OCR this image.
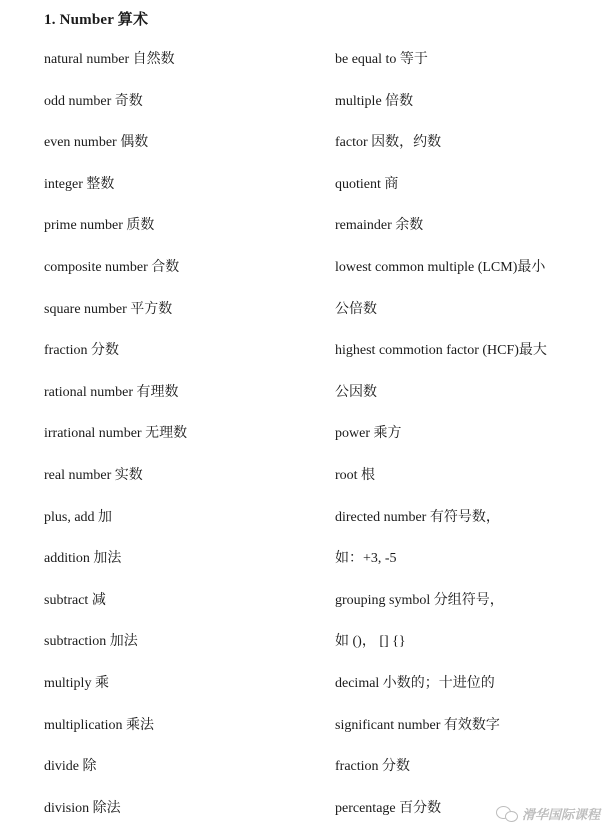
1. Number 算术
natural number 自然数
odd number 奇数
even number 偶数
integer 整数
prime number 质数
composite number 合数
square number 平方数
fraction 分数
rational number 有理数
irrational number 无理数
real number 实数
plus, add 加
addition 加法
subtract 减
subtraction 加法
multiply 乘
multiplication 乘法
divide 除
division 除法
be equal to 等于
multiple 倍数
factor 因数，约数
quotient 商
remainder 余数
lowest common multiple (LCM)最小
公倍数
highest commotion factor (HCF)最大
公因数
power 乘方
root 根
directed number 有符号数，
如：+3, -5
grouping symbol 分组符号，
如 ()， [] {}
decimal 小数的；十进位的
significant number 有效数字
fraction 分数
percentage 百分数	滑华国际课程
